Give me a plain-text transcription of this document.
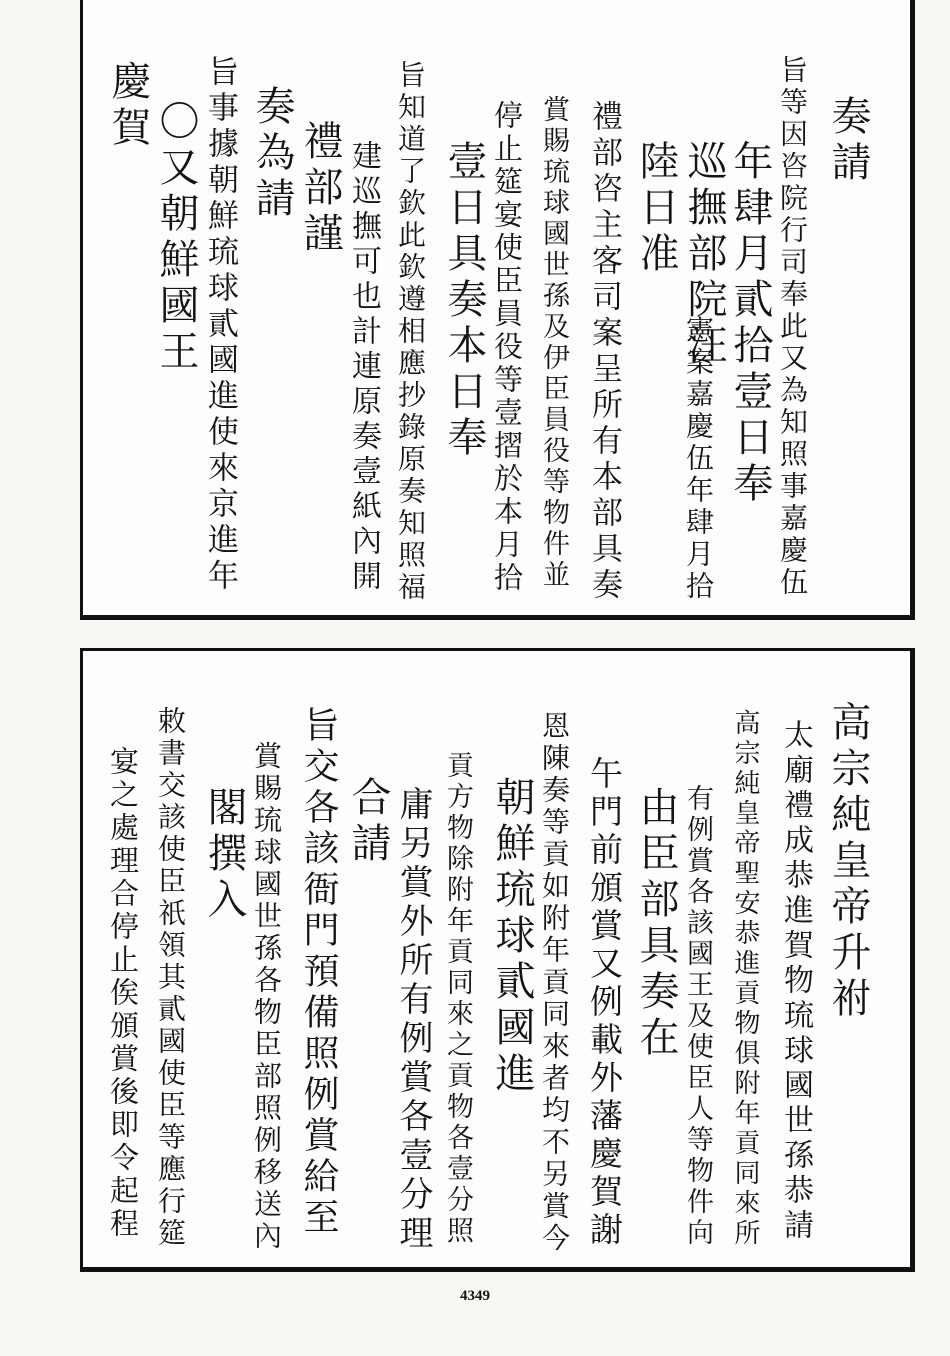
奏請
旨等因咨院行司奉此又為知照事嘉慶伍
年肆月貳拾壹日奉
巡撫部院汪
憲案嘉慶伍年肆月拾
陸日准
禮部咨主客司案呈所有本部具奏
賞賜琉球國世孫及伊臣員役等物件並
停止筵宴使臣員役等壹摺於本月拾
壹日具奏本日奉
旨知道了欽此欽遵相應抄錄原奏知照福
建巡撫可也計連原奏壹紙內開
禮部謹
奏為請
旨事據朝鮮琉球貳國進使來京進年
〇又朝鮮國王
慶賀
高宗純皇帝升祔
太廟禮成恭進賀物琉球國世孫恭請
高宗純皇帝聖安恭進貢物俱附年貢同來所
有例賞各該國王及使臣人等物件向
由臣部具奏在
午門前頒賞又例載外藩慶賀謝
恩陳奏等貢如附年貢同來者均不另賞今
朝鮮琉球貳國進
貢方物除附年貢同來之貢物各壹分照
庸另賞外所有例賞各壹分理
合請
旨交各該衙門預備照例賞給至
賞賜琉球國世孫各物臣部照例移送內
閣撰入
敕書交該使臣祇領其貳國使臣等應行筵
宴之處理合停止俟頒賞後即令起程
4349
